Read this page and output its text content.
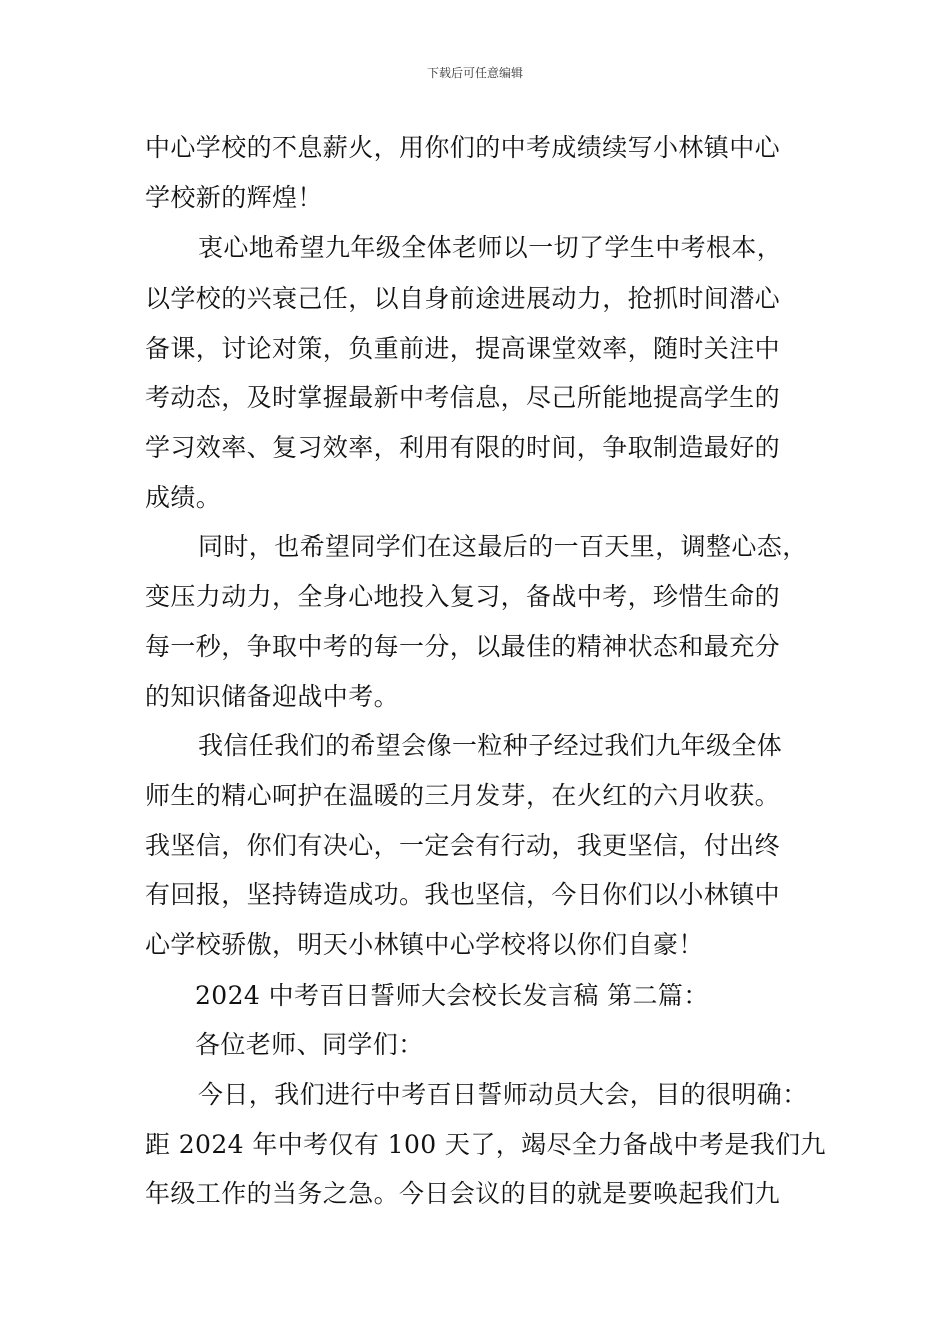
下载后可任意编辑
中心学校的不息薪火，用你们的中考成绩续写小林镇中心
学校新的辉煌！
衷心地希望九年级全体老师以一切了学生中考根本，
以学校的兴衰己任，以自身前途进展动力，抢抓时间潜心
备课，讨论对策，负重前进，提高课堂效率，随时关注中
考动态，及时掌握最新中考信息，尽己所能地提高学生的
学习效率、复习效率，利用有限的时间，争取制造最好的
成绩。
同时，也希望同学们在这最后的一百天里，调整心态，
变压力动力，全身心地投入复习，备战中考，珍惜生命的
每一秒，争取中考的每一分，以最佳的精神状态和最充分
的知识储备迎战中考。
我信任我们的希望会像一粒种子经过我们九年级全体
师生的精心呵护在温暖的三月发芽，在火红的六月收获。
我坚信，你们有决心，一定会有行动，我更坚信，付出终
有回报，坚持铸造成功。我也坚信，今日你们以小林镇中
心学校骄傲，明天小林镇中心学校将以你们自豪！
2024 中考百日誓师大会校长发言稿 第二篇：
各位老师、同学们：
今日，我们进行中考百日誓师动员大会，目的很明确：
距 2024 年中考仅有 100 天了，竭尽全力备战中考是我们九
年级工作的当务之急。今日会议的目的就是要唤起我们九
